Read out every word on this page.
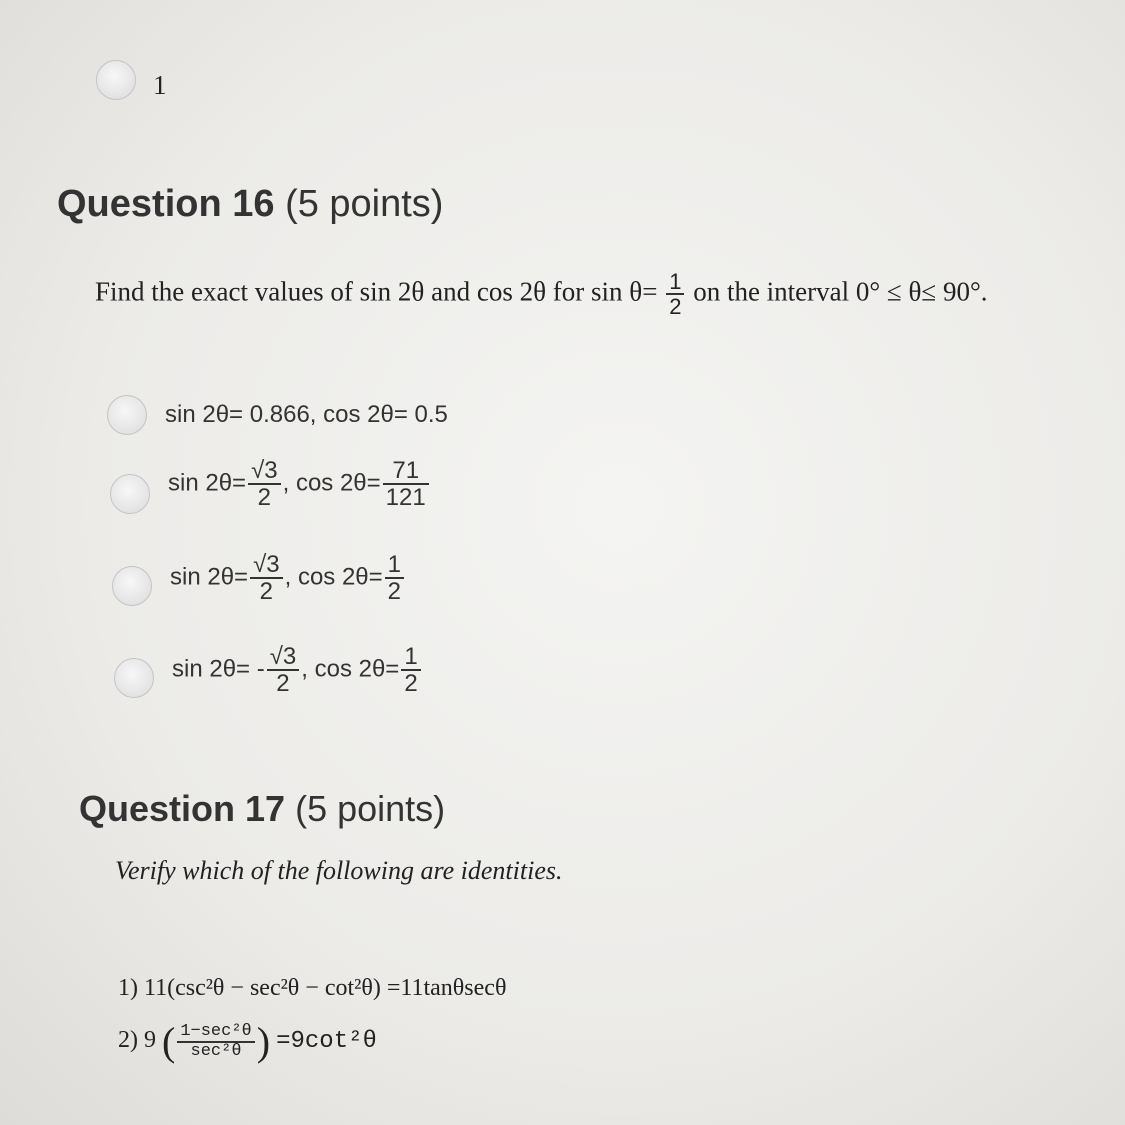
1
Question 16 (5 points)
Find the exact values of sin 2θ and cos 2θ for $\sin \theta= \frac{1}{2}$ on the interval 0° ≤ θ≤ 90°.
sin 2θ= 0.866, cos 2θ= 0.5
$\sin 2\theta= \frac{√3}{2}$ , $\cos 2\theta= \frac{71}{121}$
$\sin 2\theta= \frac{√3}{2}$ , $\cos 2\theta= \frac{1}{2}$
$\sin 2\theta= - \frac{√3}{2}$ , $\cos 2\theta= \frac{1}{2}$
Question 17 (5 points)
Verify which of the following are identities.
1) 11(csc²θ − sec²θ − cot²θ) =11tanθsecθ
2) 9 ( $\frac{\text{1−sec²θ}}{\text{sec²θ}}$ ) =9cot²θ
